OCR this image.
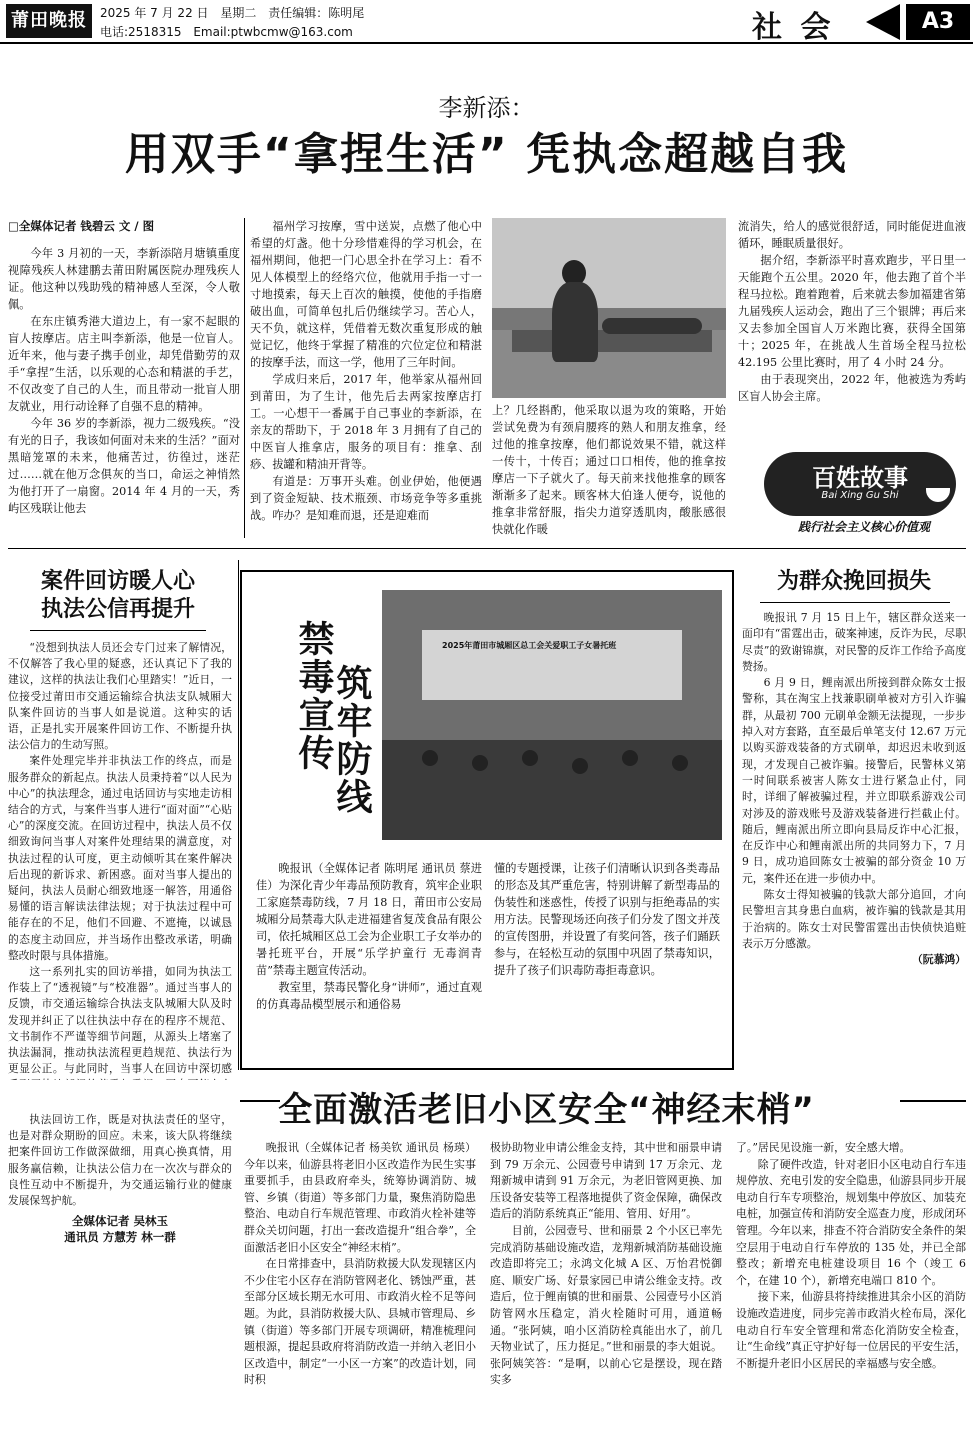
莆田晚报	2025 年 7 月 22 日 星期二 责任编辑：陈明尾
电话:2518315 Email:ptwbcmw@163.com	社 会	A3
李新添：
用双手“拿捏生活” 凭执念超越自我

□全媒体记者 钱碧云 文 / 图

今年 3 月初的一天，李新添陪月塘镇重度视障残疾人林建鹏去莆田附属医院办理残疾人证。他这种以残助残的精神感人至深，令人敬佩。

在东庄镇秀港大道边上，有一家不起眼的盲人按摩店。店主叫李新添，他是一位盲人。近年来，他与妻子携手创业，却凭借勤劳的双手“拿捏”生活，以乐观的心态和精湛的手艺，不仅改变了自己的人生，而且带动一批盲人朋友就业，用行动诠释了自强不息的精神。

今年 36 岁的李新添，视力二级残疾。“没有光的日子，我该如何面对未来的生活？”面对黑暗笼罩的未来，他痛苦过，彷徨过，迷茫过……就在他万念俱灰的当口，命运之神悄然为他打开了一扇窗。2014 年 4 月的一天，秀屿区残联让他去

福州学习按摩，雪中送炭，点燃了他心中希望的灯盏。他十分珍惜难得的学习机会，在福州期间，他把一门心思全扑在学习上：看不见人体模型上的经络穴位，他就用手指一寸一寸地摸索，每天上百次的触摸，使他的手指磨破出血，可简单包扎后仍继续学习。苦心人，天不负，就这样，凭借着无数次重复形成的触觉记忆，他终于掌握了精准的穴位定位和精湛的按摩手法，而这一学，他用了三年时间。

学成归来后，2017 年，他举家从福州回到莆田，为了生计，他先后去两家按摩店打工。一心想干一番属于自己事业的李新添，在亲友的帮助下，于 2018 年 3 月拥有了自己的中医盲人推拿店，服务的项目有：推拿、刮痧、拔罐和精油开背等。

有道是：万事开头难。创业伊始，他便遇到了资金短缺、技术瓶颈、市场竞争等多重挑战。咋办？是知难而退，还是迎难而

上？几经斟酌，他采取以退为攻的策略，开始尝试免费为有颈肩腰疼的熟人和朋友推拿，经过他的推拿按摩，他们都说效果不错，就这样一传十，十传百；通过口口相传，他的推拿按摩店一下子就火了。每天前来找他推拿的顾客渐渐多了起来。顾客林大伯逢人便夸，说他的推拿非常舒服，指尖力道穿透肌肉，酸胀感很快就化作暖

流消失，给人的感觉很舒适，同时能促进血液循环，睡眠质量很好。

据介绍，李新添平时喜欢跑步，平日里一天能跑个五公里。2020 年，他去跑了首个半程马拉松。跑着跑着，后来就去参加福建省第九届残疾人运动会，跑出了三个银牌；再后来又去参加全国盲人万米跑比赛，获得全国第十；2025 年，在挑战人生首场全程马拉松 42.195 公里比赛时，用了 4 小时 24 分。

由于表现突出，2022 年，他被选为秀屿区盲人协会主席。

百姓故事
Bai Xing Gu Shi
践行社会主义核心价值观
案件回访暖人心
执法公信再提升

“没想到执法人员还会专门过来了解情况，不仅解答了我心里的疑惑，还认真记下了我的建议，这样的执法让我们心里踏实！”近日，一位接受过莆田市交通运输综合执法支队城厢大队案件回访的当事人如是说道。这种实的话语，正是扎实开展案件回访工作、不断提升执法公信力的生动写照。

案件处理完毕并非执法工作的终点，而是服务群众的新起点。执法人员秉持着“以人民为中心”的执法理念，通过电话回访与实地走访相结合的方式，与案件当事人进行“面对面”“心贴心”的深度交流。在回访过程中，执法人员不仅细致询问当事人对案件处理结果的满意度，对执法过程的认可度，更主动倾听其在案件解决后出现的新诉求、新困惑。面对当事人提出的疑问，执法人员耐心细致地逐一解答，用通俗易懂的语言解读法律法规；对于执法过程中可能存在的不足，他们不回避、不遮掩，以诚恳的态度主动回应，并当场作出整改承诺，明确整改时限与具体措施。

这一系列扎实的回访举措，如同为执法工作装上了“透视镜”与“校准器”。通过当事人的反馈，市交通运输综合执法支队城厢大队及时发现并纠正了以往执法中存在的程序不规范、文书制作不严谨等细节问题，从源头上堵塞了执法漏洞，推动执法流程更趋规范、执法行为更显公正。与此同时，当事人在回访中深切感

执法回访工作，既是对执法责任的坚守，也是对群众期盼的回应。未来，该大队将继续把案件回访工作做深做细，用真心换真情，用服务赢信赖，让执法公信力在一次次与群众的良性互动中不断提升，为交通运输行业的健康发展保驾护航。

全媒体记者 吴林玉

通讯员 方慧芳 林一群

禁毒宣传
筑牢防线
2025年莆田市城厢区总工会关爱职工子女暑托班

晚报讯（全媒体记者 陈明尾 通讯员 蔡进佳）为深化青少年毒品预防教育，筑牢企业职工家庭禁毒防线，7 月 18 日，莆田市公安局城厢分局禁毒大队走进福建省复茂食品有限公司，依托城厢区总工会为企业职工子女举办的暑托班平台，开展“乐学护童行 无毒润青苗”禁毒主题宣传活动。

教室里，禁毒民警化身“讲师”，通过直观的仿真毒品模型展示和通俗易

懂的专题授课，让孩子们清晰认识到各类毒品的形态及其严重危害，特别讲解了新型毒品的伪装性和迷惑性，传授了识别与拒绝毒品的实用方法。民警现场还向孩子们分发了图文并茂的宣传图册，并设置了有奖问答，孩子们踊跃参与，在轻松互动的氛围中巩固了禁毒知识，提升了孩子们识毒防毒拒毒意识。

为群众挽回损失

晚报讯 7 月 15 日上午，辖区群众送来一面印有“雷霆出击，破案神速，反诈为民，尽职尽责”的致谢锦旗，对民警的反诈工作给予高度赞扬。

6 月 9 日，鲤南派出所接到群众陈女士报警称，其在淘宝上找兼职刷单被对方引入诈骗群，从最初 700 元刷单金额无法提现，一步步掉入对方套路，直至最后单笔支付 12.67 万元以购买游戏装备的方式刷单，却迟迟未收到返现，才发现自己被诈骗。接警后，民警林义第一时间联系被害人陈女士进行紧急止付，同时，详细了解被骗过程，并立即联系游戏公司对涉及的游戏账号及游戏装备进行拦截止付。随后，鲤南派出所立即向县局反诈中心汇报，在反诈中心和鲤南派出所的共同努力下，7 月 9 日，成功追回陈女士被骗的部分资金 10 万元，案件还在进一步侦办中。

陈女士得知被骗的钱款大部分追回，才向民警坦言其身患白血病，被诈骗的钱款是其用于治病的。陈女士对民警雷霆出击快侦快追赃表示万分感激。

（阮慕鸿）

全面激活老旧小区安全“神经末梢”

晚报讯（全媒体记者 杨美钦 通讯员 杨瑛）今年以来，仙游县将老旧小区改造作为民生实事重要抓手，由县政府牵头，统筹协调消防、城管、乡镇（街道）等多部门力量，聚焦消防隐患整治、电动自行车规范管理、市政消火栓补建等群众关切问题，打出一套改造提升“组合拳”，全面激活老旧小区安全“神经末梢”。

在日常排查中，县消防救援大队发现辖区内不少住宅小区存在消防管网老化、锈蚀严重，甚至部分区域长期无水可用、市政消火栓不足等问题。为此，县消防救援大队、县城市管理局、乡镇（街道）等多部门开展专项调研，精准梳理问题根源，提起县政府将消防改造一并纳入老旧小区改造中，制定“一小区一方案”的改造计划，同时积

极协助物业申请公维金支持，其中世和丽景申请到 79 万余元、公园壹号申请到 17 万余元、龙翔新城申请到 91 万余元，为老旧管网更换、加压设备安装等工程落地提供了资金保障，确保改造后的消防系统真正“能用、管用、好用”。

目前，公园壹号、世和丽景 2 个小区已率先完成消防基础设施改造，龙翔新城消防基础设施改造即将完工；永鸿文化城 A 区、万怡君悦御庭、顺安广场、好景家园已申请公维金支持。改造后，位于鲤南镇的世和丽景、公园壹号小区消防管网水压稳定，消火栓随时可用，通道畅通。“张阿姨，咱小区消防栓真能出水了，前几天物业试了，压力挺足。”世和丽景的李大姐说。张阿姨笑答：“是啊，以前心它是摆设，现在踏实多

了。”居民见设施一新，安全感大增。

除了硬件改造，针对老旧小区电动自行车违规停放、充电引发的安全隐患，仙游县同步开展电动自行车专项整治，规划集中停放区、加装充电桩，加强宣传和消防安全巡查力度，形成闭环管理。今年以来，排查不符合消防安全条件的架空层用于电动自行车停放的 135 处，并已全部整改；新增充电桩建设项目 16 个（竣工 6 个，在建 10 个），新增充电端口 810 个。

接下来，仙游县将持续推进其余小区的消防设施改造进度，同步完善市政消火栓布局，深化电动自行车安全管理和常态化消防安全检查，让“生命线”真正守护好每一位居民的平安生活，不断提升老旧小区居民的幸福感与安全感。
